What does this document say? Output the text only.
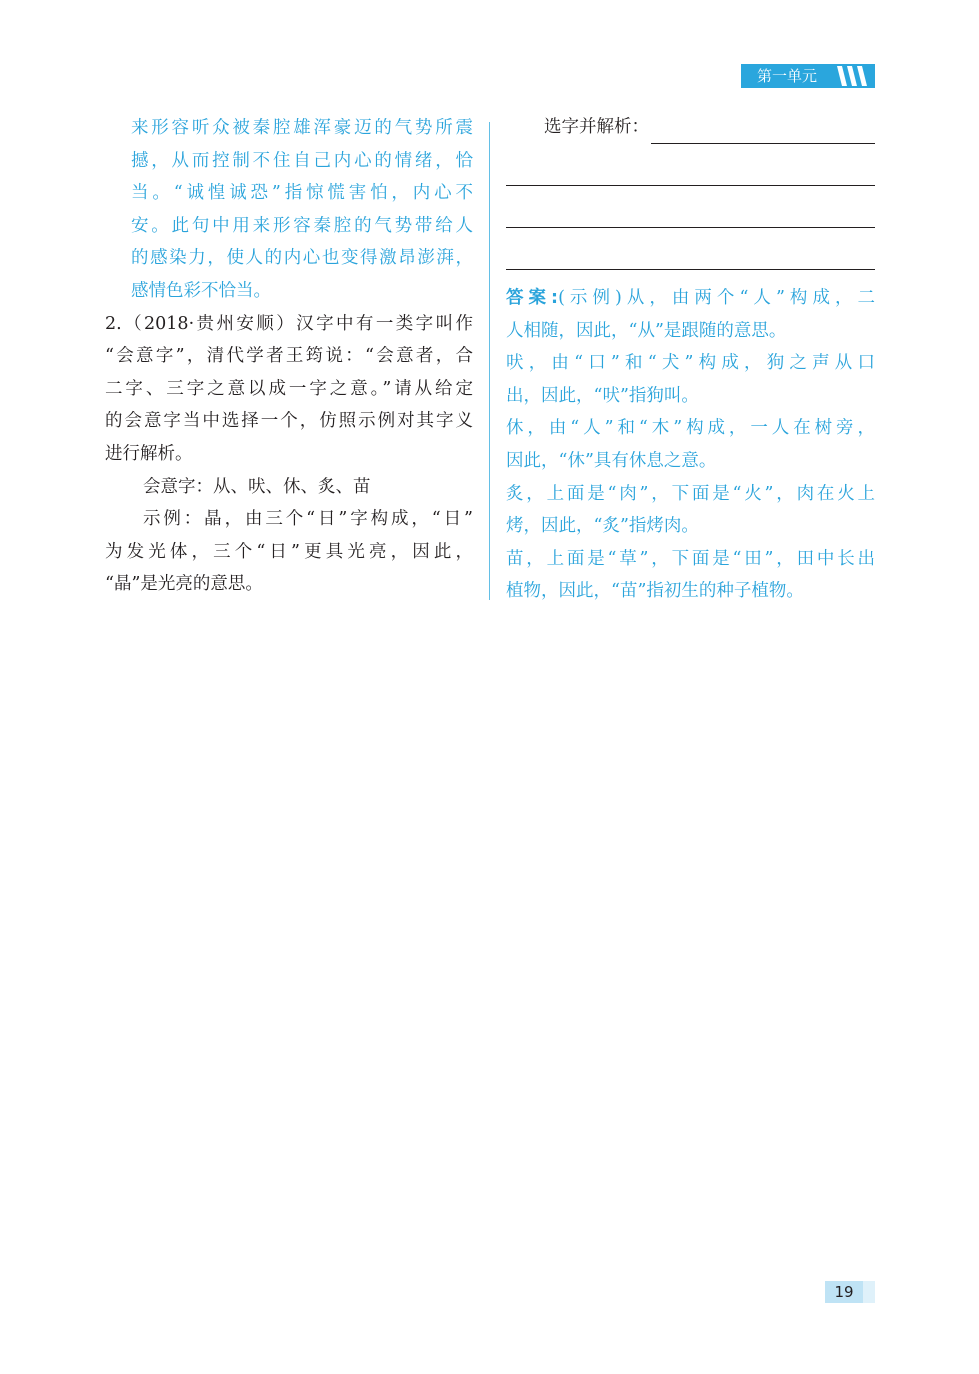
第一单元
来形容听众被秦腔雄浑豪迈的气势所震
撼，从而控制不住自己内心的情绪，恰
当。“诚惶诚恐”指惊慌害怕，内心不
安。此句中用来形容秦腔的气势带给人
的感染力，使人的内心也变得激昂澎湃，
感情色彩不恰当。
2.（2018·贵州安顺）汉字中有一类字叫作
“会意字”，清代学者王筠说：“会意者，合
二字、三字之意以成一字之意。”请从给定
的会意字当中选择一个，仿照示例对其字义
进行解析。
会意字：从、吠、休、炙、苗
示例：晶，由三个“日”字构成，“日”
为发光体，三个“日”更具光亮，因此，
“晶”是光亮的意思。
选字并解析：
答案:(示例)从，由两个“人”构成，二
人相随，因此，“从”是跟随的意思。
吠，由“口”和“犬”构成，狗之声从口
出，因此，“吠”指狗叫。
休，由“人”和“木”构成，一人在树旁，
因此，“休”具有休息之意。
炙，上面是“肉”，下面是“火”，肉在火上
烤，因此，“炙”指烤肉。
苗，上面是“草”，下面是“田”，田中长出
植物，因此，“苗”指初生的种子植物。
19
